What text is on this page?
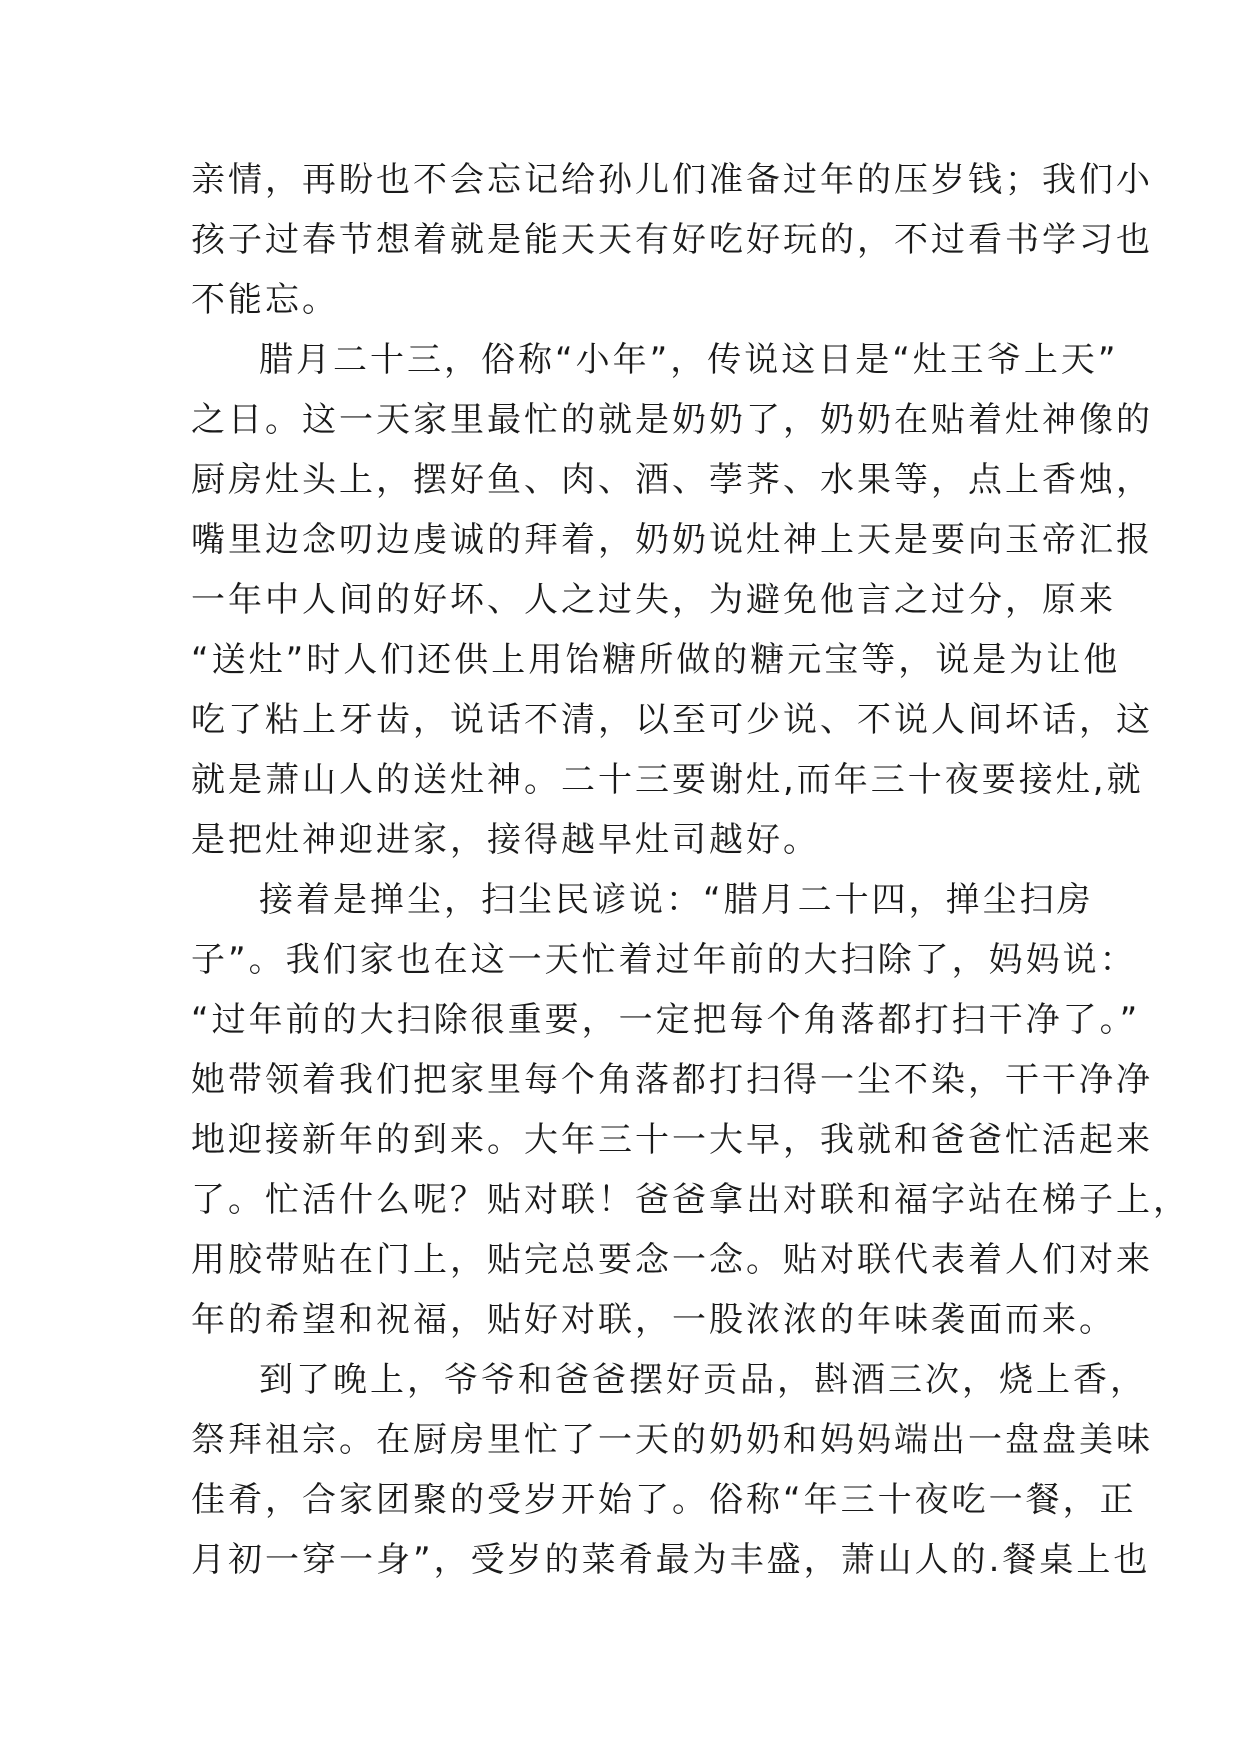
亲情，再盼也不会忘记给孙儿们准备过年的压岁钱；我们小
孩子过春节想着就是能天天有好吃好玩的，不过看书学习也
不能忘。
腊月二十三，俗称“小年”，传说这日是“灶王爷上天”
之日。这一天家里最忙的就是奶奶了，奶奶在贴着灶神像的
厨房灶头上，摆好鱼、肉、酒、荸荠、水果等，点上香烛，
嘴里边念叨边虔诚的拜着，奶奶说灶神上天是要向玉帝汇报
一年中人间的好坏、人之过失，为避免他言之过分，原来
“送灶”时人们还供上用饴糖所做的糖元宝等，说是为让他
吃了粘上牙齿，说话不清，以至可少说、不说人间坏话，这
就是萧山人的送灶神。二十三要谢灶,而年三十夜要接灶,就
是把灶神迎进家，接得越早灶司越好。
接着是掸尘，扫尘民谚说：“腊月二十四，掸尘扫房
子”。我们家也在这一天忙着过年前的大扫除了，妈妈说：
“过年前的大扫除很重要，一定把每个角落都打扫干净了。”
她带领着我们把家里每个角落都打扫得一尘不染，干干净净
地迎接新年的到来。大年三十一大早，我就和爸爸忙活起来
了。忙活什么呢？贴对联！爸爸拿出对联和福字站在梯子上，
用胶带贴在门上，贴完总要念一念。贴对联代表着人们对来
年的希望和祝福，贴好对联，一股浓浓的年味袭面而来。
到了晚上，爷爷和爸爸摆好贡品，斟酒三次，烧上香，
祭拜祖宗。在厨房里忙了一天的奶奶和妈妈端出一盘盘美味
佳肴，合家团聚的受岁开始了。俗称“年三十夜吃一餐，正
月初一穿一身”，受岁的菜肴最为丰盛，萧山人的.餐桌上也
